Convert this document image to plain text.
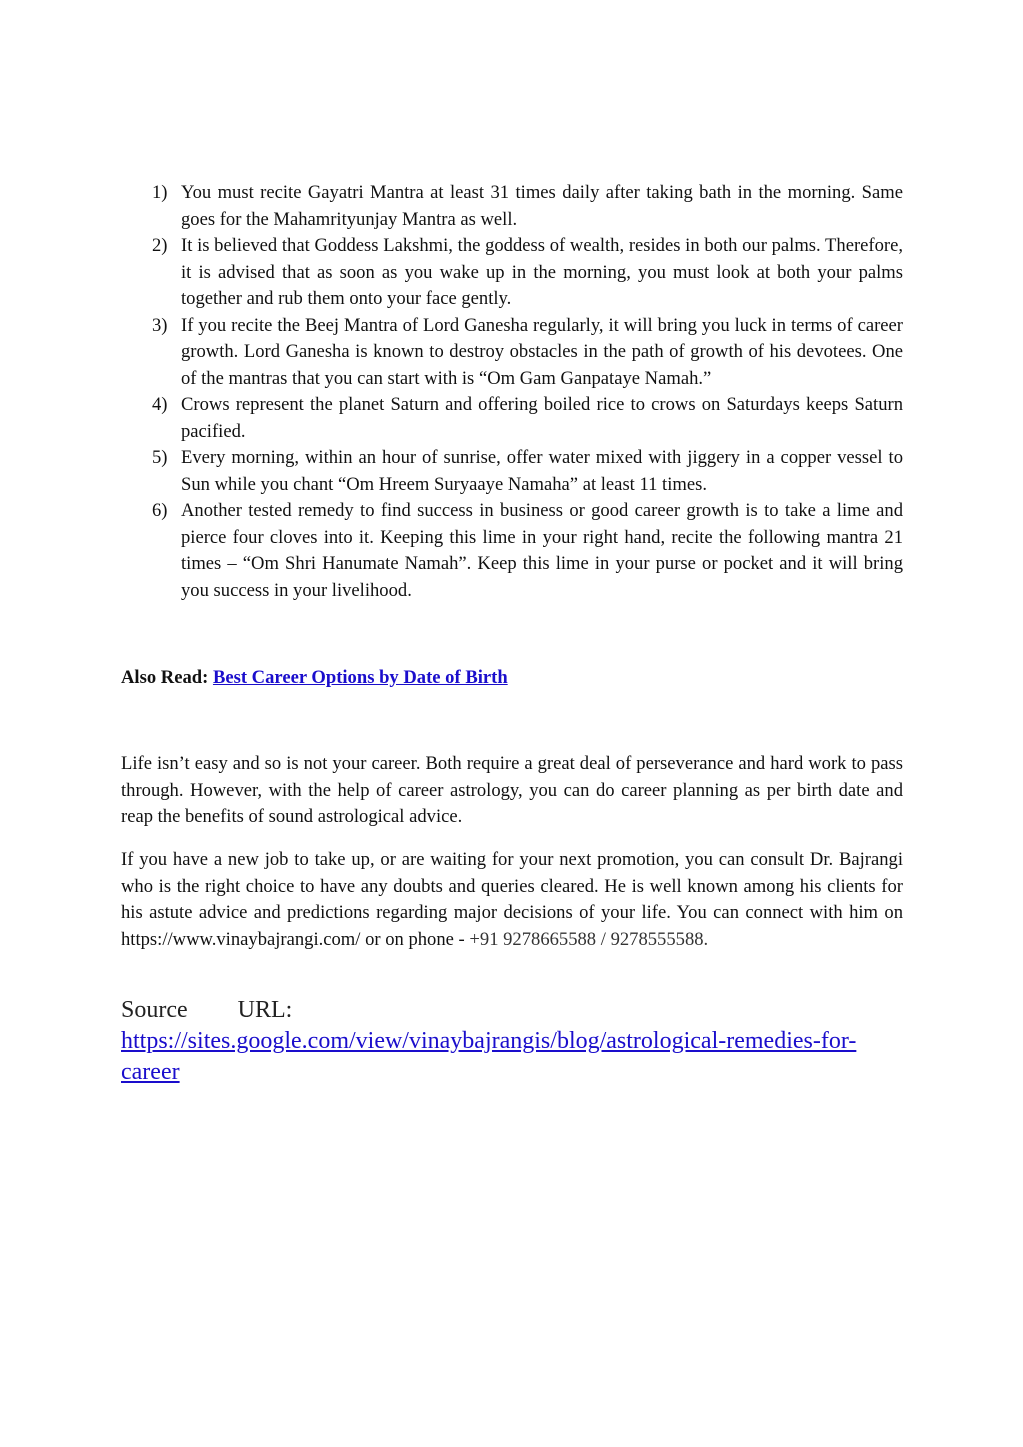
1) You must recite Gayatri Mantra at least 31 times daily after taking bath in the morning. Same goes for the Mahamrityunjay Mantra as well.
2) It is believed that Goddess Lakshmi, the goddess of wealth, resides in both our palms. Therefore, it is advised that as soon as you wake up in the morning, you must look at both your palms together and rub them onto your face gently.
3) If you recite the Beej Mantra of Lord Ganesha regularly, it will bring you luck in terms of career growth. Lord Ganesha is known to destroy obstacles in the path of growth of his devotees. One of the mantras that you can start with is “Om Gam Ganpataye Namah.”
4) Crows represent the planet Saturn and offering boiled rice to crows on Saturdays keeps Saturn pacified.
5) Every morning, within an hour of sunrise, offer water mixed with jiggery in a copper vessel to Sun while you chant “Om Hreem Suryaaye Namaha” at least 11 times.
6) Another tested remedy to find success in business or good career growth is to take a lime and pierce four cloves into it. Keeping this lime in your right hand, recite the following mantra 21 times – “Om Shri Hanumate Namah”. Keep this lime in your purse or pocket and it will bring you success in your livelihood.
Also Read: Best Career Options by Date of Birth

Life isn’t easy and so is not your career. Both require a great deal of perseverance and hard work to pass through. However, with the help of career astrology, you can do career planning as per birth date and reap the benefits of sound astrological advice.

If you have a new job to take up, or are waiting for your next promotion, you can consult Dr. Bajrangi who is the right choice to have any doubts and queries cleared. He is well known among his clients for his astute advice and predictions regarding major decisions of your life. You can connect with him on https://www.vinaybajrangi.com/ or on phone - +91 9278665588 / 9278555588.

Source URL: https://sites.google.com/view/vinaybajrangis/blog/astrological-remedies-for-career
